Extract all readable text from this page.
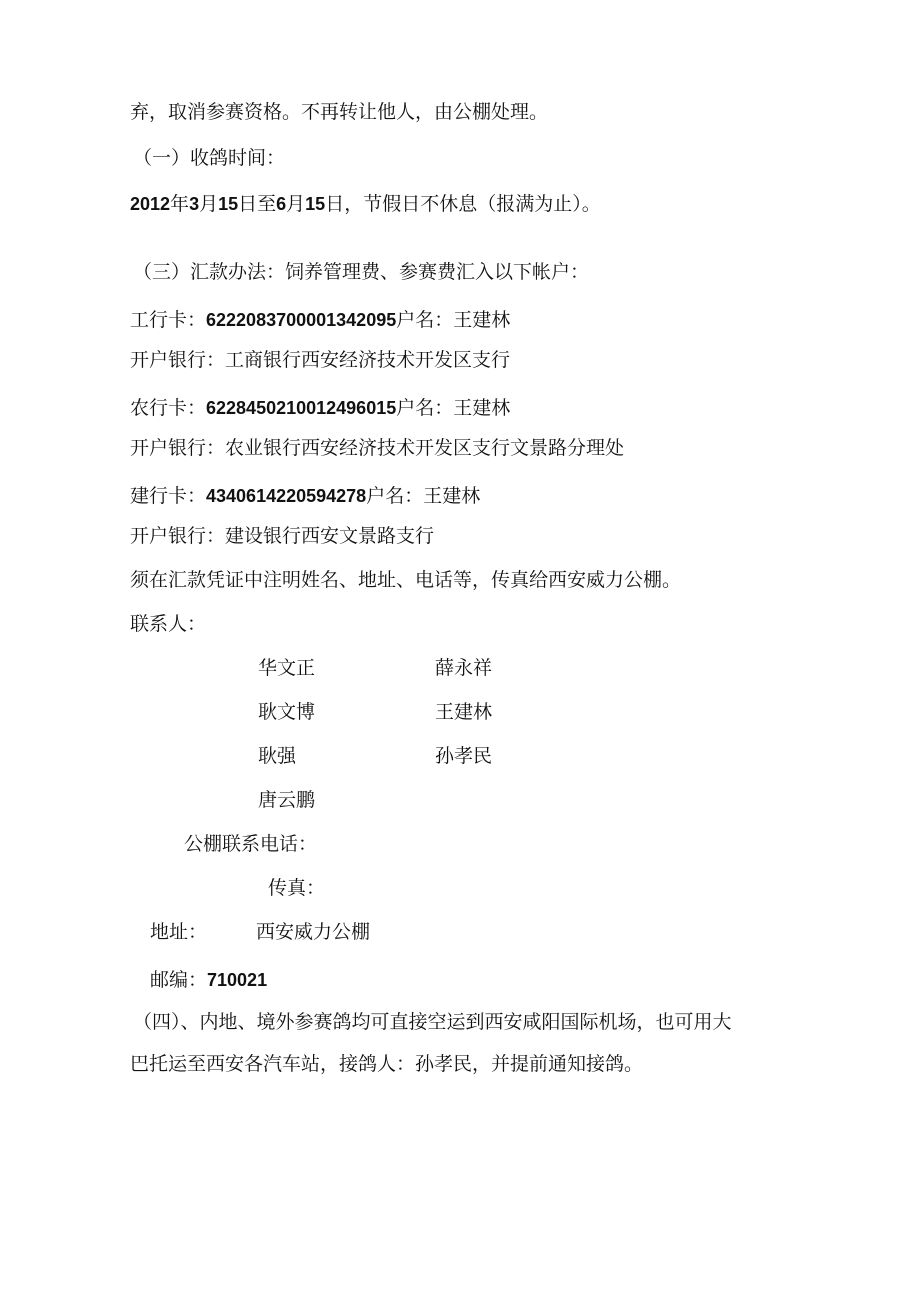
弃，取消参赛资格。不再转让他人，由公棚处理。
（一）收鸽时间：
2012年3月15日至6月15日，节假日不休息（报满为止）。
（三）汇款办法：饲养管理费、参赛费汇入以下帐户：
工行卡：6222083700001342095户名：王建林
开户银行：工商银行西安经济技术开发区支行
农行卡：6228450210012496015户名：王建林
开户银行：农业银行西安经济技术开发区支行文景路分理处
建行卡：4340614220594278户名：王建林
开户银行：建设银行西安文景路支行
须在汇款凭证中注明姓名、地址、电话等，传真给西安威力公棚。
联系人：
华文正	薛永祥
耿文博	王建林
耿强	孙孝民
唐云鹏
公棚联系电话：
传真：
地址：	西安威力公棚
邮编：710021
（四）、内地、境外参赛鸽均可直接空运到西安咸阳国际机场，也可用大
巴托运至西安各汽车站，接鸽人：孙孝民，并提前通知接鸽。
